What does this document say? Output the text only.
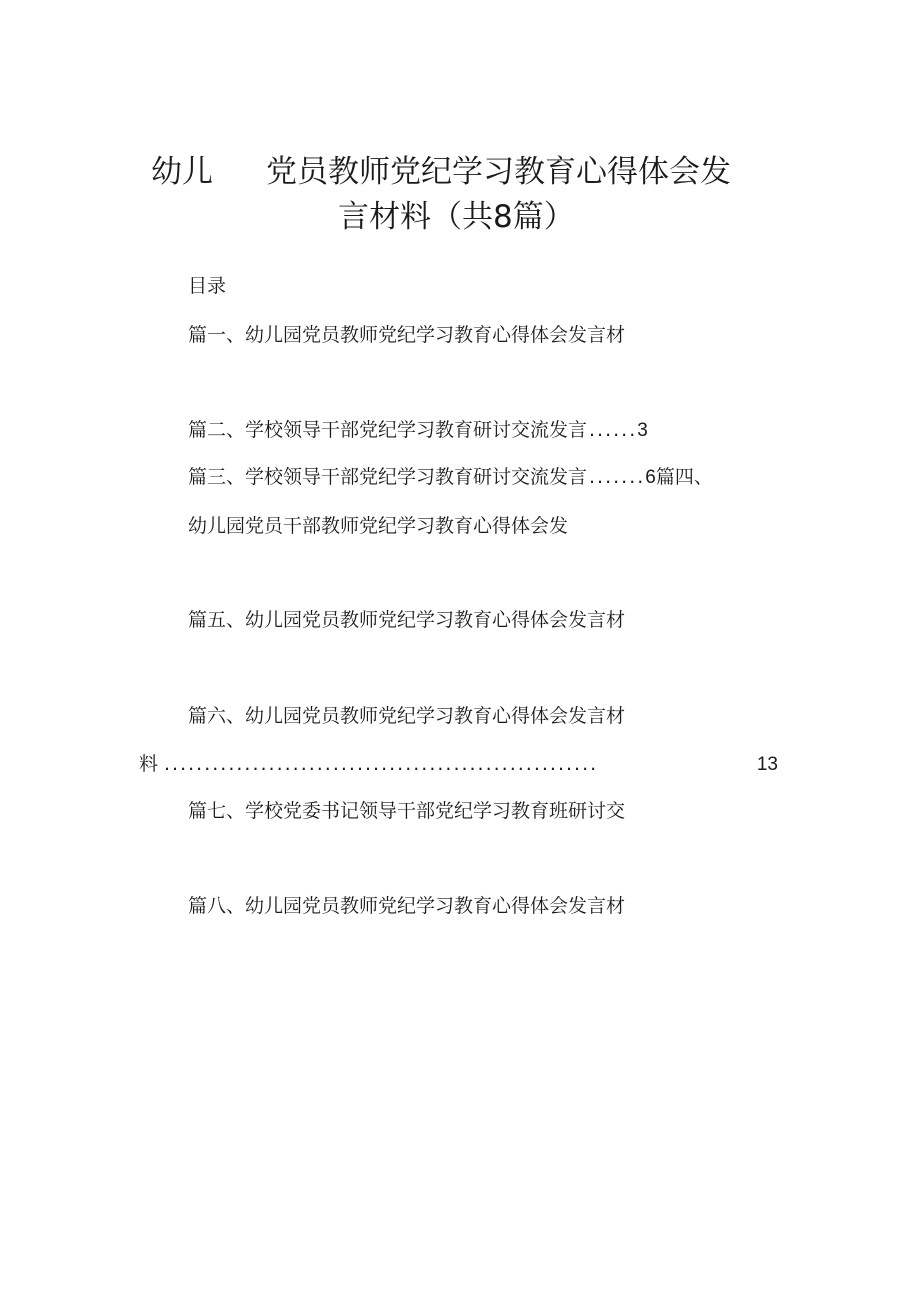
幼儿 党员教师党纪学习教育心得体会发
言材料（共8篇）
目录
篇一、幼儿园党员教师党纪学习教育心得体会发言材
篇二、学校领导干部党纪学习教育研讨交流发言 ......3
篇三、学校领导干部党纪学习教育研讨交流发言 .......6篇四、
幼儿园党员干部教师党纪学习教育心得体会发
篇五、幼儿园党员教师党纪学习教育心得体会发言材
篇六、幼儿园党员教师党纪学习教育心得体会发言材
料 ......................................................	13
篇七、学校党委书记领导干部党纪学习教育班研讨交
篇八、幼儿园党员教师党纪学习教育心得体会发言材
